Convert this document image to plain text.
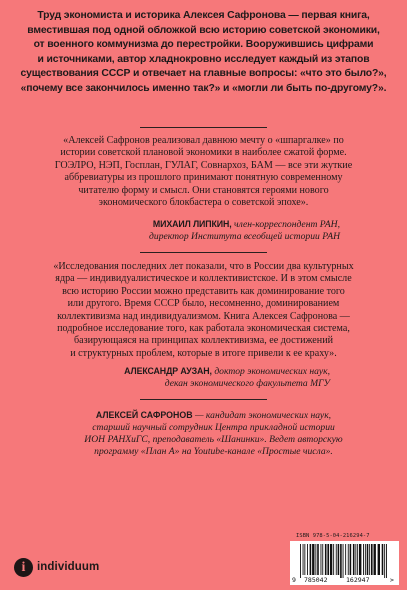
Труд экономиста и историка Алексея Сафронова — первая книга,
вместившая под одной обложкой всю историю советской экономики,
от военного коммунизма до перестройки. Вооружившись цифрами
и источниками, автор хладнокровно исследует каждый из этапов
существования СССР и отвечает на главные вопросы: «что это было?»,
«почему все закончилось именно так?» и «могли ли быть по-другому?».
«Алексей Сафронов реализовал давнюю мечту о «шпаргалке» по
истории советской плановой экономики в наиболее сжатой форме.
ГОЭЛРО, НЭП, Госплан, ГУЛАГ, Совнархоз, БАМ — все эти жуткие
аббревиатуры из прошлого принимают понятную современному
читателю форму и смысл. Они становятся героями нового
экономического блокбастера о советской эпохе».
МИХАИЛ ЛИПКИН, член-корреспондент РАН,
директор Института всеобщей истории РАН
«Исследования последних лет показали, что в России два культурных
ядра — индивидуалистическое и коллективистское. И в этом смысле
всю историю России можно представить как доминирование того
или другого. Время СССР было, несомненно, доминированием
коллективизма над индивидуализмом. Книга Алексея Сафронова —
подробное исследование того, как работала экономическая система,
базирующаяся на принципах коллективизма, ее достижений
и структурных проблем, которые в итоге привели к ее краху».
АЛЕКСАНДР АУЗАН, доктор экономических наук,
декан экономического факультета МГУ
АЛЕКСЕЙ САФРОНОВ — кандидат экономических наук,
старший научный сотрудник Центра прикладной истории
ИОН РАНХиГС, преподаватель «Шанинки». Ведет авторскую
программу «План А» на Youtube-канале «Простые числа».
i	individuum
ISBN 978-5-04-216294-7
9 785042	162947	>
